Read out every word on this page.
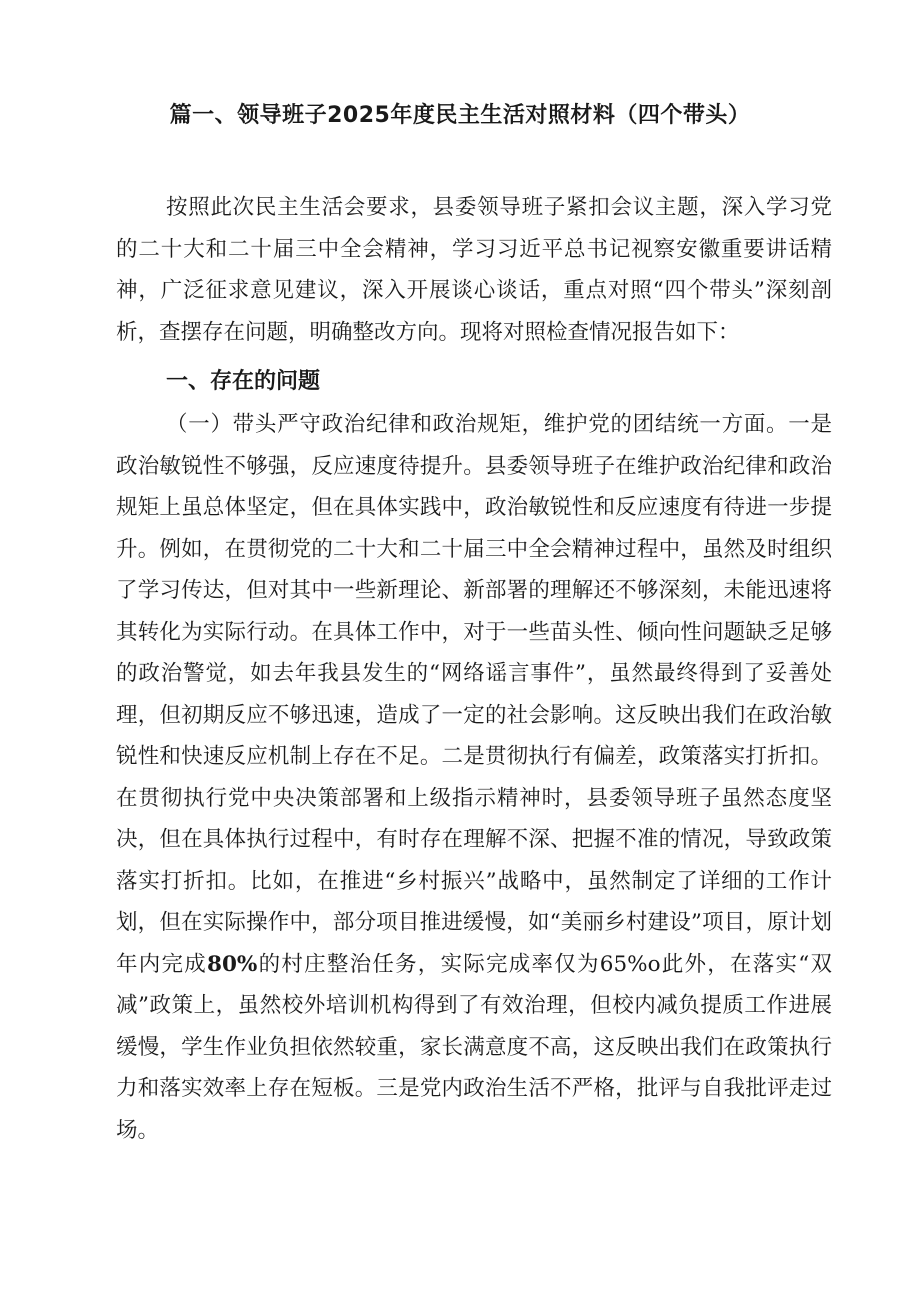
篇一、领导班子2025年度民主生活对照材料（四个带头）

按照此次民主生活会要求，县委领导班子紧扣会议主题，深入学习党的二十大和二十届三中全会精神，学习习近平总书记视察安徽重要讲话精神，广泛征求意见建议，深入开展谈心谈话，重点对照“四个带头”深刻剖析，查摆存在问题，明确整改方向。现将对照检查情况报告如下：

一、存在的问题

（一）带头严守政治纪律和政治规矩，维护党的团结统一方面。一是政治敏锐性不够强，反应速度待提升。县委领导班子在维护政治纪律和政治规矩上虽总体坚定，但在具体实践中，政治敏锐性和反应速度有待进一步提升。例如，在贯彻党的二十大和二十届三中全会精神过程中，虽然及时组织了学习传达，但对其中一些新理论、新部署的理解还不够深刻，未能迅速将其转化为实际行动。在具体工作中，对于一些苗头性、倾向性问题缺乏足够的政治警觉，如去年我县发生的“网络谣言事件”，虽然最终得到了妥善处理，但初期反应不够迅速，造成了一定的社会影响。这反映出我们在政治敏锐性和快速反应机制上存在不足。二是贯彻执行有偏差，政策落实打折扣。在贯彻执行党中央决策部署和上级指示精神时，县委领导班子虽然态度坚决，但在具体执行过程中，有时存在理解不深、把握不准的情况，导致政策落实打折扣。比如，在推进“乡村振兴”战略中，虽然制定了详细的工作计划，但在实际操作中，部分项目推进缓慢，如“美丽乡村建设”项目，原计划年内完成80%的村庄整治任务，实际完成率仅为65%o此外，在落实“双减”政策上，虽然校外培训机构得到了有效治理，但校内减负提质工作进展缓慢，学生作业负担依然较重，家长满意度不高，这反映出我们在政策执行力和落实效率上存在短板。三是党内政治生活不严格，批评与自我批评走过场。
